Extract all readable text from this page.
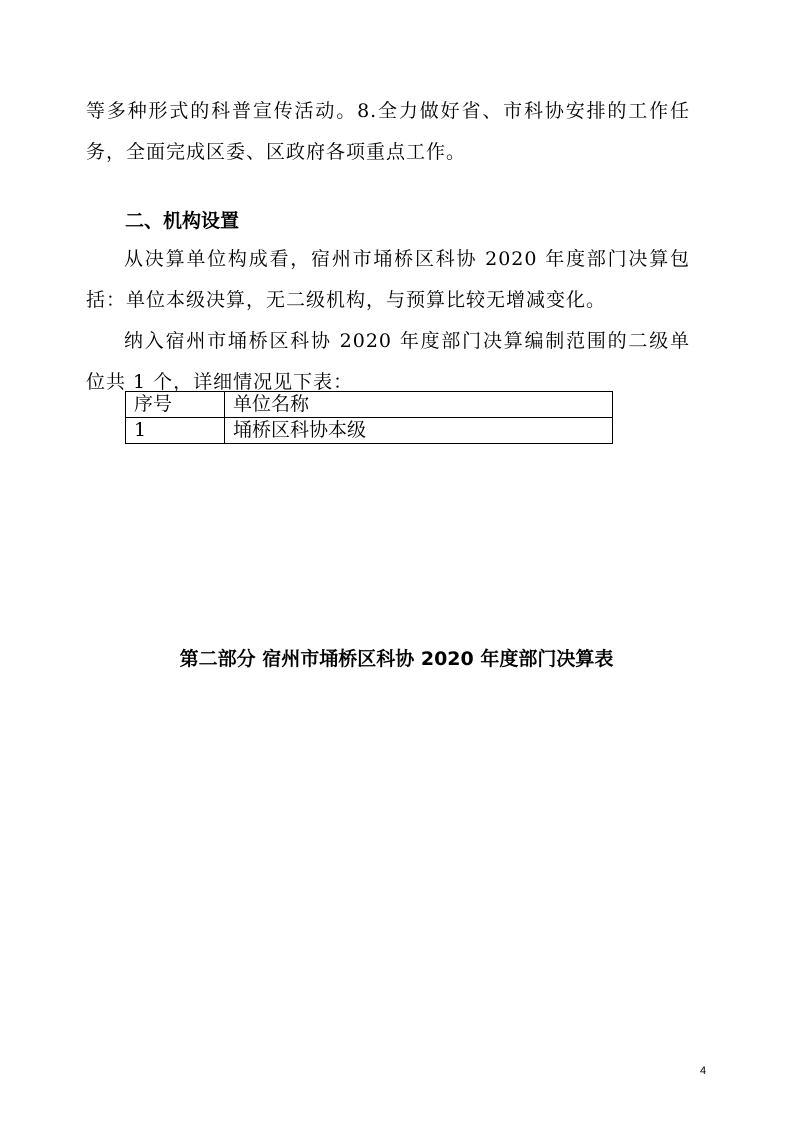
等多种形式的科普宣传活动。8.全力做好省、市科协安排的工作任务，全面完成区委、区政府各项重点工作。

二、机构设置

从决算单位构成看，宿州市埇桥区科协 2020 年度部门决算包括：单位本级决算，无二级机构，与预算比较无增减变化。

纳入宿州市埇桥区科协 2020 年度部门决算编制范围的二级单位共 1 个，详细情况见下表：

序号	单位名称
1	埇桥区科协本级
第二部分 宿州市埇桥区科协 2020 年度部门决算表
4
